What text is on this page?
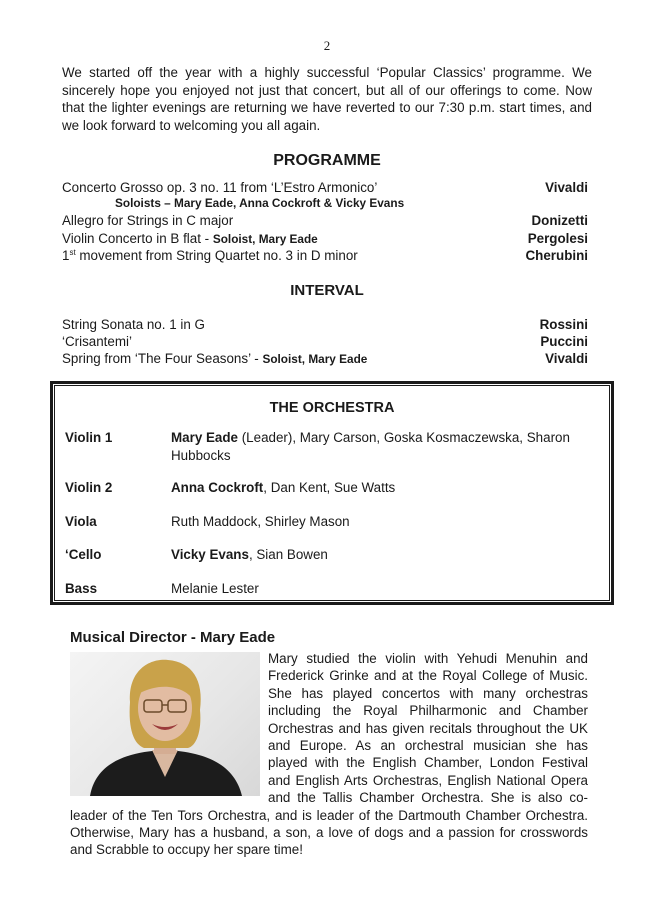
2
We started off the year with a highly successful ‘Popular Classics’ programme. We sincerely hope you enjoyed not just that concert, but all of our offerings to come. Now that the lighter evenings are returning we have reverted to our 7:30 p.m. start times, and we look forward to welcoming you all again.
PROGRAMME
Concerto Grosso op. 3 no. 11 from ‘L’Estro Armonico’	Vivaldi
Soloists – Mary Eade, Anna Cockroft & Vicky Evans
Allegro for Strings in C major	Donizetti
Violin Concerto in B flat - Soloist, Mary Eade	Pergolesi
1st movement from String Quartet no. 3 in D minor	Cherubini
INTERVAL
String Sonata no. 1 in G	Rossini
‘Crisantemi’	Puccini
Spring from ‘The Four Seasons’ - Soloist, Mary Eade	Vivaldi
THE ORCHESTRA
Violin 1	Mary Eade (Leader), Mary Carson, Goska Kosmaczewska, Sharon Hubbocks
Violin 2	Anna Cockroft, Dan Kent, Sue Watts
Viola	Ruth Maddock, Shirley Mason
‘Cello	Vicky Evans, Sian Bowen
Bass	Melanie Lester
Musical Director - Mary Eade
Mary studied the violin with Yehudi Menuhin and Frederick Grinke and at the Royal College of Music. She has played concertos with many orchestras including the Royal Philharmonic and Chamber Orchestras and has given recitals throughout the UK and Europe. As an orchestral musician she has played with the English Chamber, London Festival and English Arts Orchestras, English National Opera and the Tallis Chamber Orchestra. She is also co-leader of the Ten Tors Orchestra, and is leader of the Dartmouth Chamber Orchestra. Otherwise, Mary has a husband, a son, a love of dogs and a passion for crosswords and Scrabble to occupy her spare time!
